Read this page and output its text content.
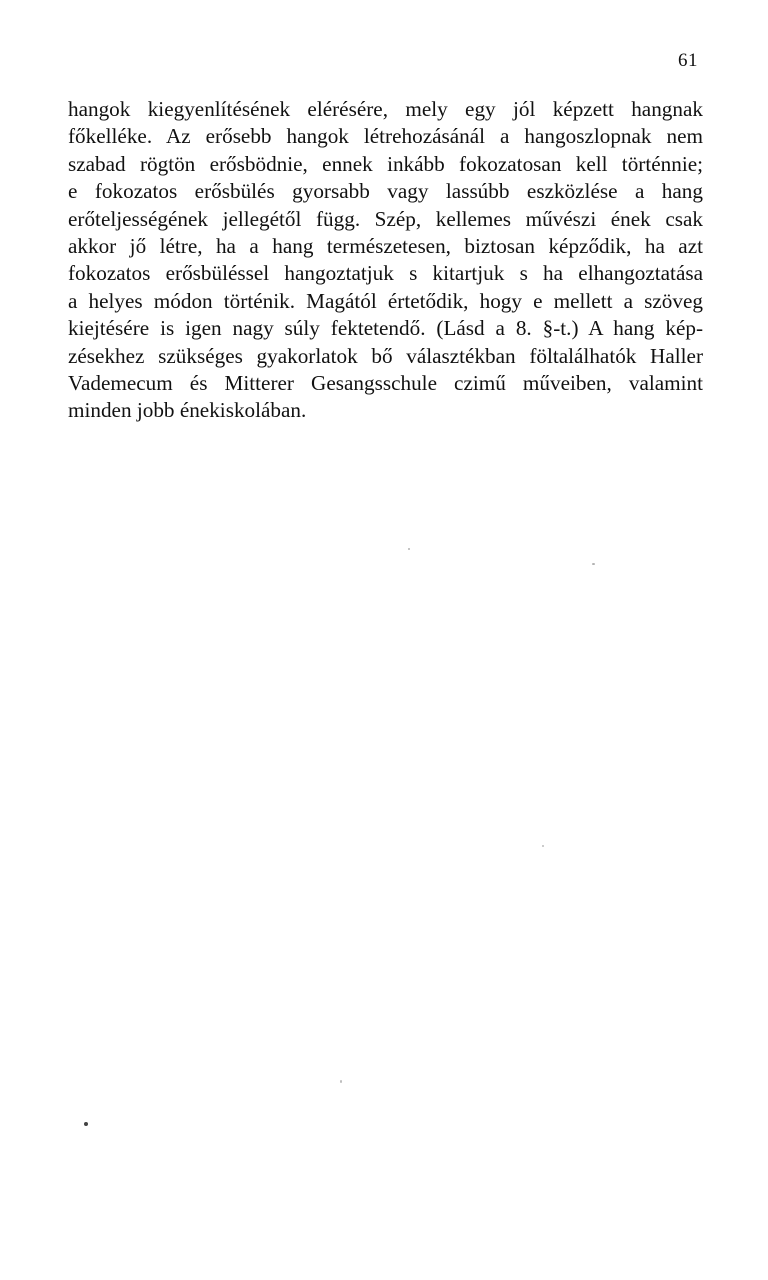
61
hangok kiegyenlítésének elérésére, mely egy jól képzett hangnak
főkelléke. Az erősebb hangok létrehozásánál a hangoszlopnak nem
szabad rögtön erősbödnie, ennek inkább fokozatosan kell történnie;
e fokozatos erősbülés gyorsabb vagy lassúbb eszközlése a hang
erőteljességének jellegétől függ. Szép, kellemes művészi ének csak
akkor jő létre, ha a hang természetesen, biztosan képződik, ha azt
fokozatos erősbüléssel hangoztatjuk s kitartjuk s ha elhangoztatása
a helyes módon történik. Magától értetődik, hogy e mellett a szöveg
kiejtésére is igen nagy súly fektetendő. (Lásd a 8. §-t.) A hang kép-
zésekhez szükséges gyakorlatok bő választékban föltalálhatók Haller
Vademecum és Mitterer Gesangsschule czimű műveiben, valamint
minden jobb énekiskolában.
